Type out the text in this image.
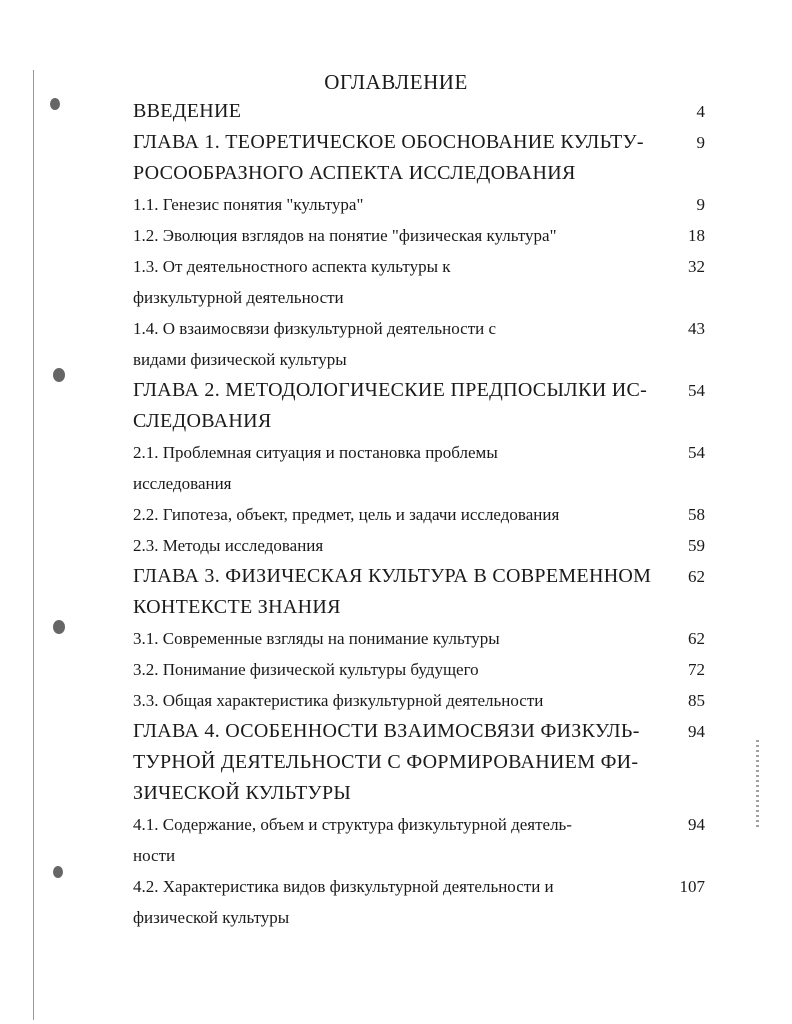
ОГЛАВЛЕНИЕ
ВВЕДЕНИЕ	4
ГЛАВА 1. ТЕОРЕТИЧЕСКОЕ ОБОСНОВАНИЕ КУЛЬТУ-
РОСООБРАЗНОГО АСПЕКТА ИССЛЕДОВАНИЯ
9
1.1. Генезис понятия "культура"	9
1.2. Эволюция взглядов на понятие "физическая культура"	18
1.3. От деятельностного аспекта культуры к
физкультурной деятельности
32
1.4. О взаимосвязи физкультурной деятельности с
видами физической культуры
43
ГЛАВА 2. МЕТОДОЛОГИЧЕСКИЕ ПРЕДПОСЫЛКИ ИС-
СЛЕДОВАНИЯ
54
2.1. Проблемная ситуация и постановка проблемы
исследования
54
2.2. Гипотеза, объект, предмет, цель и задачи исследования	58
2.3. Методы исследования	59
ГЛАВА 3. ФИЗИЧЕСКАЯ КУЛЬТУРА В СОВРЕМЕННОМ
КОНТЕКСТЕ ЗНАНИЯ
62
3.1. Современные взгляды на понимание культуры	62
3.2. Понимание физической культуры будущего	72
3.3. Общая характеристика физкультурной деятельности	85
ГЛАВА 4. ОСОБЕННОСТИ ВЗАИМОСВЯЗИ ФИЗКУЛЬ-
ТУРНОЙ ДЕЯТЕЛЬНОСТИ С ФОРМИРОВАНИЕМ ФИ-
ЗИЧЕСКОЙ КУЛЬТУРЫ
94
4.1. Содержание, объем и структура физкультурной деятель-
ности
94
4.2. Характеристика видов физкультурной деятельности и
физической культуры
107
